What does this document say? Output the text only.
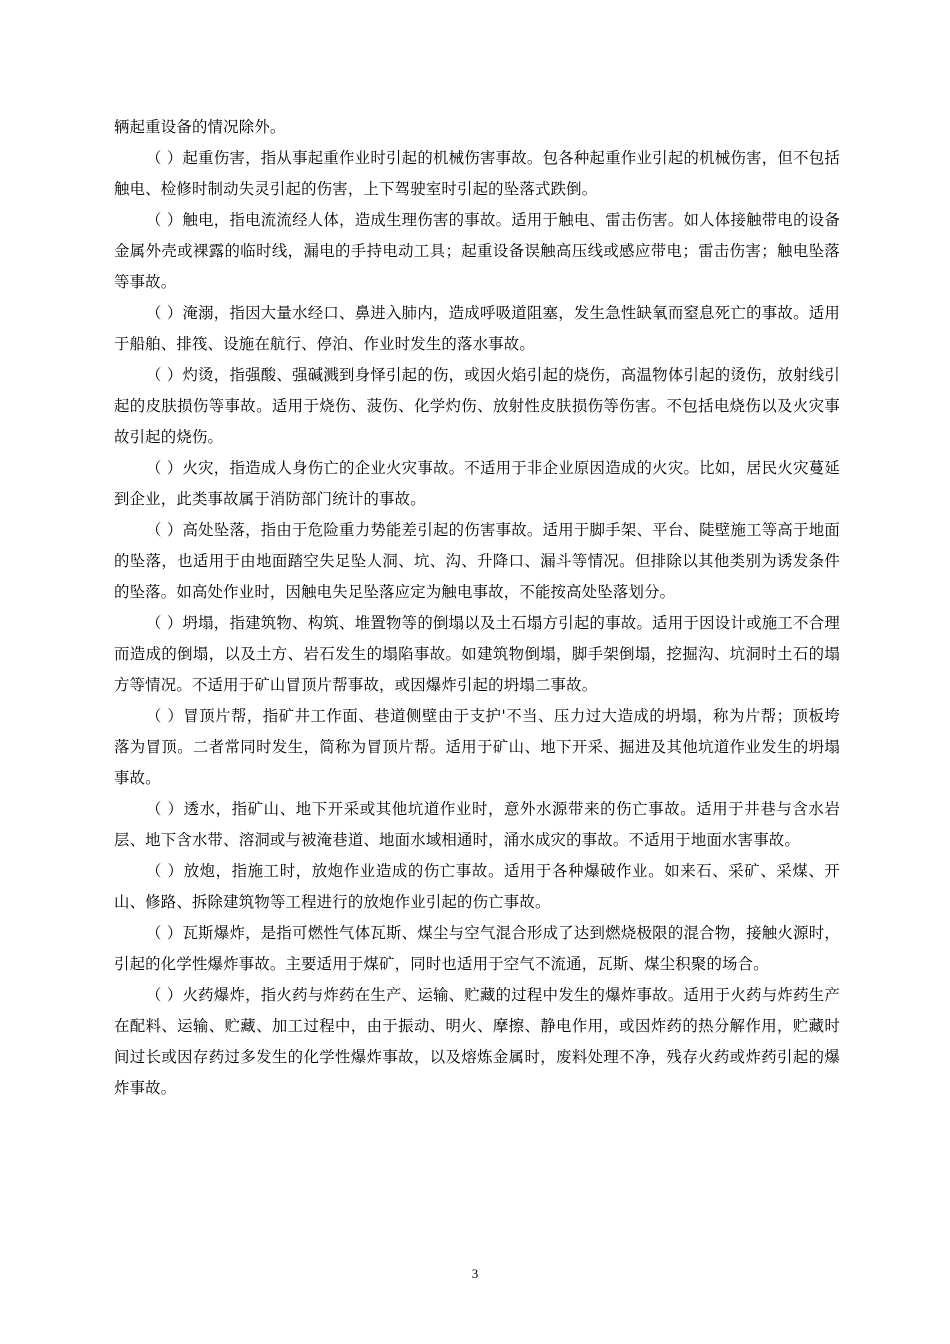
辆起重设备的情况除外。

（ ）起重伤害，指从事起重作业时引起的机械伤害事故。包各种起重作业引起的机械伤害，但不包括触电、检修时制动失灵引起的伤害，上下驾驶室时引起的坠落式跌倒。

（ ）触电，指电流流经人体，造成生理伤害的事故。适用于触电、雷击伤害。如人体接触带电的设备金属外壳或裸露的临时线，漏电的手持电动工具；起重设备误触高压线或感应带电；雷击伤害；触电坠落等事故。

（ ）淹溺，指因大量水经口、鼻进入肺内，造成呼吸道阻塞，发生急性缺氧而窒息死亡的事故。适用于船舶、排筏、设施在航行、停泊、作业时发生的落水事故。

（ ）灼烫，指强酸、强碱溅到身怿引起的伤，或因火焰引起的烧伤，高温物体引起的烫伤，放射线引起的皮肤损伤等事故。适用于烧伤、菠伤、化学灼伤、放射性皮肤损伤等伤害。不包括电烧伤以及火灾事故引起的烧伤。

（ ）火灾，指造成人身伤亡的企业火灾事故。不适用于非企业原因造成的火灾。比如，居民火灾蔓延到企业，此类事故属于消防部门统计的事故。

（ ）高处坠落，指由于危险重力势能差引起的伤害事故。适用于脚手架、平台、陡壁施工等高于地面的坠落，也适用于由地面踏空失足坠人洞、坑、沟、升降口、漏斗等情况。但排除以其他类别为诱发条件的坠落。如高处作业时，因触电失足坠落应定为触电事故，不能按高处坠落划分。

（ ）坍塌，指建筑物、构筑、堆置物等的倒塌以及土石塌方引起的事故。适用于因设计或施工不合理而造成的倒塌，以及土方、岩石发生的塌陷事故。如建筑物倒塌，脚手架倒塌，挖掘沟、坑洞时土石的塌方等情况。不适用于矿山冒顶片帮事故，或因爆炸引起的坍塌二事故。

（ ）冒顶片帮，指矿井工作面、巷道侧壁由于支护'不当、压力过大造成的坍塌，称为片帮；顶板垮落为冒顶。二者常同时发生，简称为冒顶片帮。适用于矿山、地下开采、掘进及其他坑道作业发生的坍塌事故。

（ ）透水，指矿山、地下开采或其他坑道作业时，意外水源带来的伤亡事故。适用于井巷与含水岩层、地下含水带、溶洞或与被淹巷道、地面水域相通时，涌水成灾的事故。不适用于地面水害事故。

（ ）放炮，指施工时，放炮作业造成的伤亡事故。适用于各种爆破作业。如来石、采矿、采煤、开山、修路、拆除建筑物等工程进行的放炮作业引起的伤亡事故。

（ ）瓦斯爆炸，是指可燃性气体瓦斯、煤尘与空气混合形成了达到燃烧极限的混合物，接触火源时，引起的化学性爆炸事故。主要适用于煤矿，同时也适用于空气不流通，瓦斯、煤尘积聚的场合。

（ ）火药爆炸，指火药与炸药在生产、运输、贮藏的过程中发生的爆炸事故。适用于火药与炸药生产在配料、运输、贮藏、加工过程中，由于振动、明火、摩擦、静电作用，或因炸药的热分解作用，贮藏时间过长或因存药过多发生的化学性爆炸事故，以及熔炼金属时，废料处理不净，残存火药或炸药引起的爆炸事故。

3
